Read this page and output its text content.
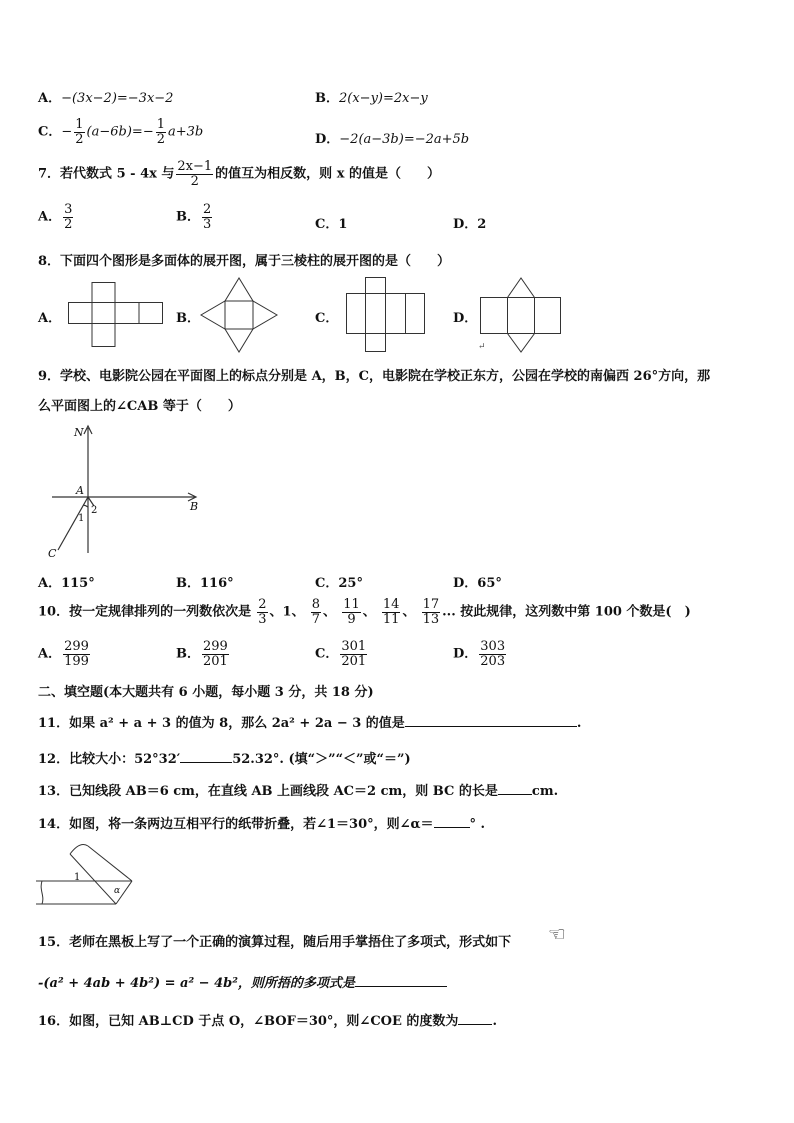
A．−(3x−2)=−3x−2	B．2(x−y)=2x−y
C．− $\frac{1}{2} (a-6b)=- \frac{1}{2} a+3b$	D．−2(a−3b)=−2a+5b
7．若代数式 5 - 4x 与 $\frac{2x-1}{2}$ 的值互为相反数，则 x 的值是（　　）
A． $\frac{3}{2}$	B． $\frac{2}{3}$	C．1	D．2
8．下面四个图形是多面体的展开图，属于三棱柱的展开图的是（　　）
A．	B．	C．	D．
↵
9．学校、电影院公园在平面图上的标点分别是 A，B，C，电影院在学校正东方，公园在学校的南偏西 26°方向，那
么平面图上的∠CAB 等于（　　）
N
A
B
C
1
2
A．115°	B．116°	C．25°	D．65°
10．按一定规律排列的一列数依次是 $\frac{2}{3}$ 、1、 $\frac{8}{7}$ 、 $\frac{11}{9}$ 、 $\frac{14}{11}$ 、 $\frac{17}{13}$ ... 按此规律，这列数中第 100 个数是(　)
A． $\frac{299}{199}$	B． $\frac{299}{201}$	C． $\frac{301}{201}$	D． $\frac{303}{203}$
二、填空题(本大题共有 6 小题，每小题 3 分，共 18 分)
11．如果 a² + a + 3 的值为 8，那么 2a² + 2a − 3 的值是	.
12．比较大小：52°32′	52.32°. (填“＞”“＜”或“＝”)
13．已知线段 AB＝6 cm，在直线 AB 上画线段 AC＝2 cm，则 BC 的长是	cm.
14．如图，将一条两边互相平行的纸带折叠，若∠1＝30°，则∠α＝	° .
1
α
15．老师在黑板上写了一个正确的演算过程，随后用手掌捂住了多项式，形式如下 ☜
-(a² + 4ab + 4b²) = a² − 4b²，则所捂的多项式是
16．如图，已知 AB⊥CD 于点 O，∠BOF＝30°，则∠COE 的度数为	.
